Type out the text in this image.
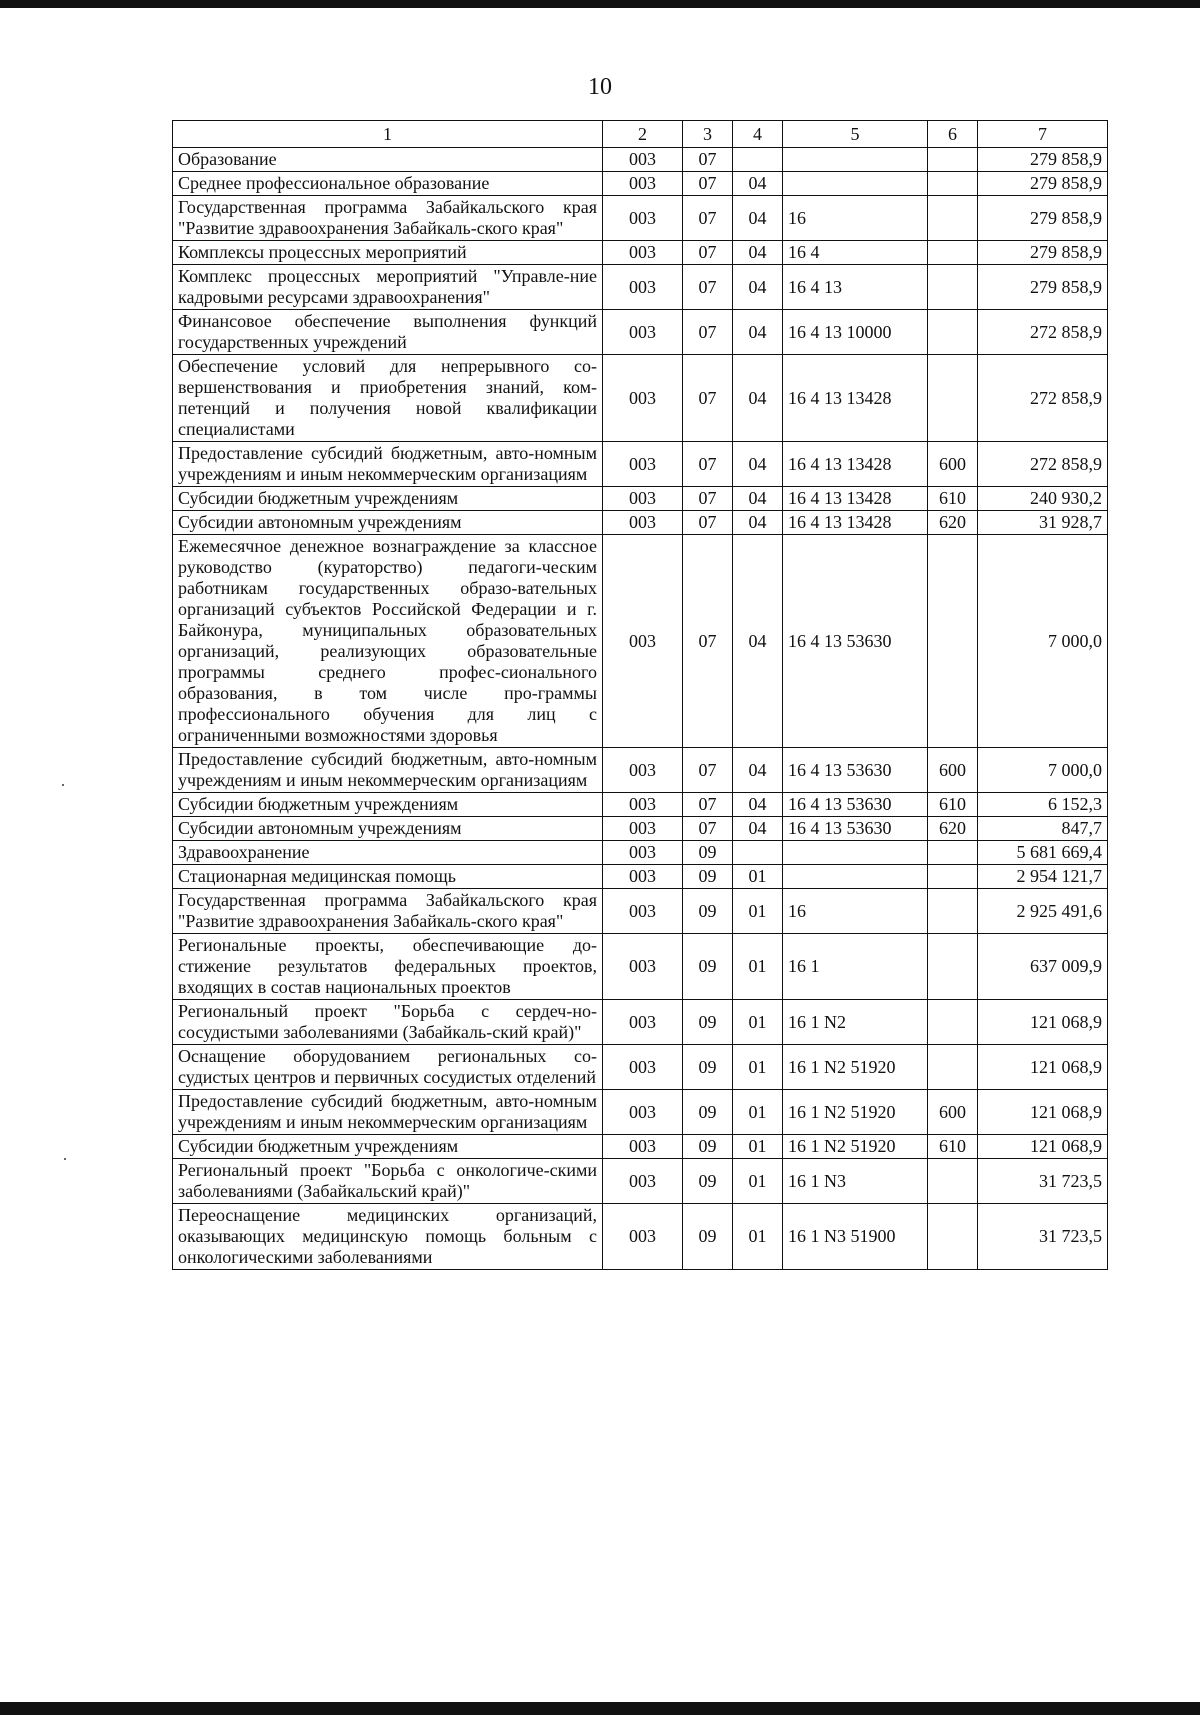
10
1	2	3	4	5	6	7
Образование	003	07				279 858,9
Среднее профессиональное образование	003	07	04			279 858,9
Государственная программа Забайкальского края "Развитие здравоохранения Забайкаль-ского края"	003	07	04	16		279 858,9
Комплексы процессных мероприятий	003	07	04	16 4		279 858,9
Комплекс процессных мероприятий "Управле-ние кадровыми ресурсами здравоохранения"	003	07	04	16 4 13		279 858,9
Финансовое обеспечение выполнения функций государственных учреждений	003	07	04	16 4 13 10000		272 858,9
Обеспечение условий для непрерывного со-вершенствования и приобретения знаний, ком-петенций и получения новой квалификации специалистами	003	07	04	16 4 13 13428		272 858,9
Предоставление субсидий бюджетным, авто-номным учреждениям и иным некоммерческим организациям	003	07	04	16 4 13 13428	600	272 858,9
Субсидии бюджетным учреждениям	003	07	04	16 4 13 13428	610	240 930,2
Субсидии автономным учреждениям	003	07	04	16 4 13 13428	620	31 928,7
Ежемесячное денежное вознаграждение за классное руководство (кураторство) педагоги-ческим работникам государственных образо-вательных организаций субъектов Российской Федерации и г. Байконура, муниципальных образовательных организаций, реализующих образовательные программы среднего профес-сионального образования, в том числе про-граммы профессионального обучения для лиц с ограниченными возможностями здоровья	003	07	04	16 4 13 53630		7 000,0
Предоставление субсидий бюджетным, авто-номным учреждениям и иным некоммерческим организациям	003	07	04	16 4 13 53630	600	7 000,0
Субсидии бюджетным учреждениям	003	07	04	16 4 13 53630	610	6 152,3
Субсидии автономным учреждениям	003	07	04	16 4 13 53630	620	847,7
Здравоохранение	003	09				5 681 669,4
Стационарная медицинская помощь	003	09	01			2 954 121,7
Государственная программа Забайкальского края "Развитие здравоохранения Забайкаль-ского края"	003	09	01	16		2 925 491,6
Региональные проекты, обеспечивающие до-стижение результатов федеральных проектов, входящих в состав национальных проектов	003	09	01	16 1		637 009,9
Региональный проект "Борьба с сердеч-но-сосудистыми заболеваниями (Забайкаль-ский край)"	003	09	01	16 1 N2		121 068,9
Оснащение оборудованием региональных со-судистых центров и первичных сосудистых отделений	003	09	01	16 1 N2 51920		121 068,9
Предоставление субсидий бюджетным, авто-номным учреждениям и иным некоммерческим организациям	003	09	01	16 1 N2 51920	600	121 068,9
Субсидии бюджетным учреждениям	003	09	01	16 1 N2 51920	610	121 068,9
Региональный проект "Борьба с онкологиче-скими заболеваниями (Забайкальский край)"	003	09	01	16 1 N3		31 723,5
Переоснащение медицинских организаций, оказывающих медицинскую помощь больным с онкологическими заболеваниями	003	09	01	16 1 N3 51900		31 723,5
